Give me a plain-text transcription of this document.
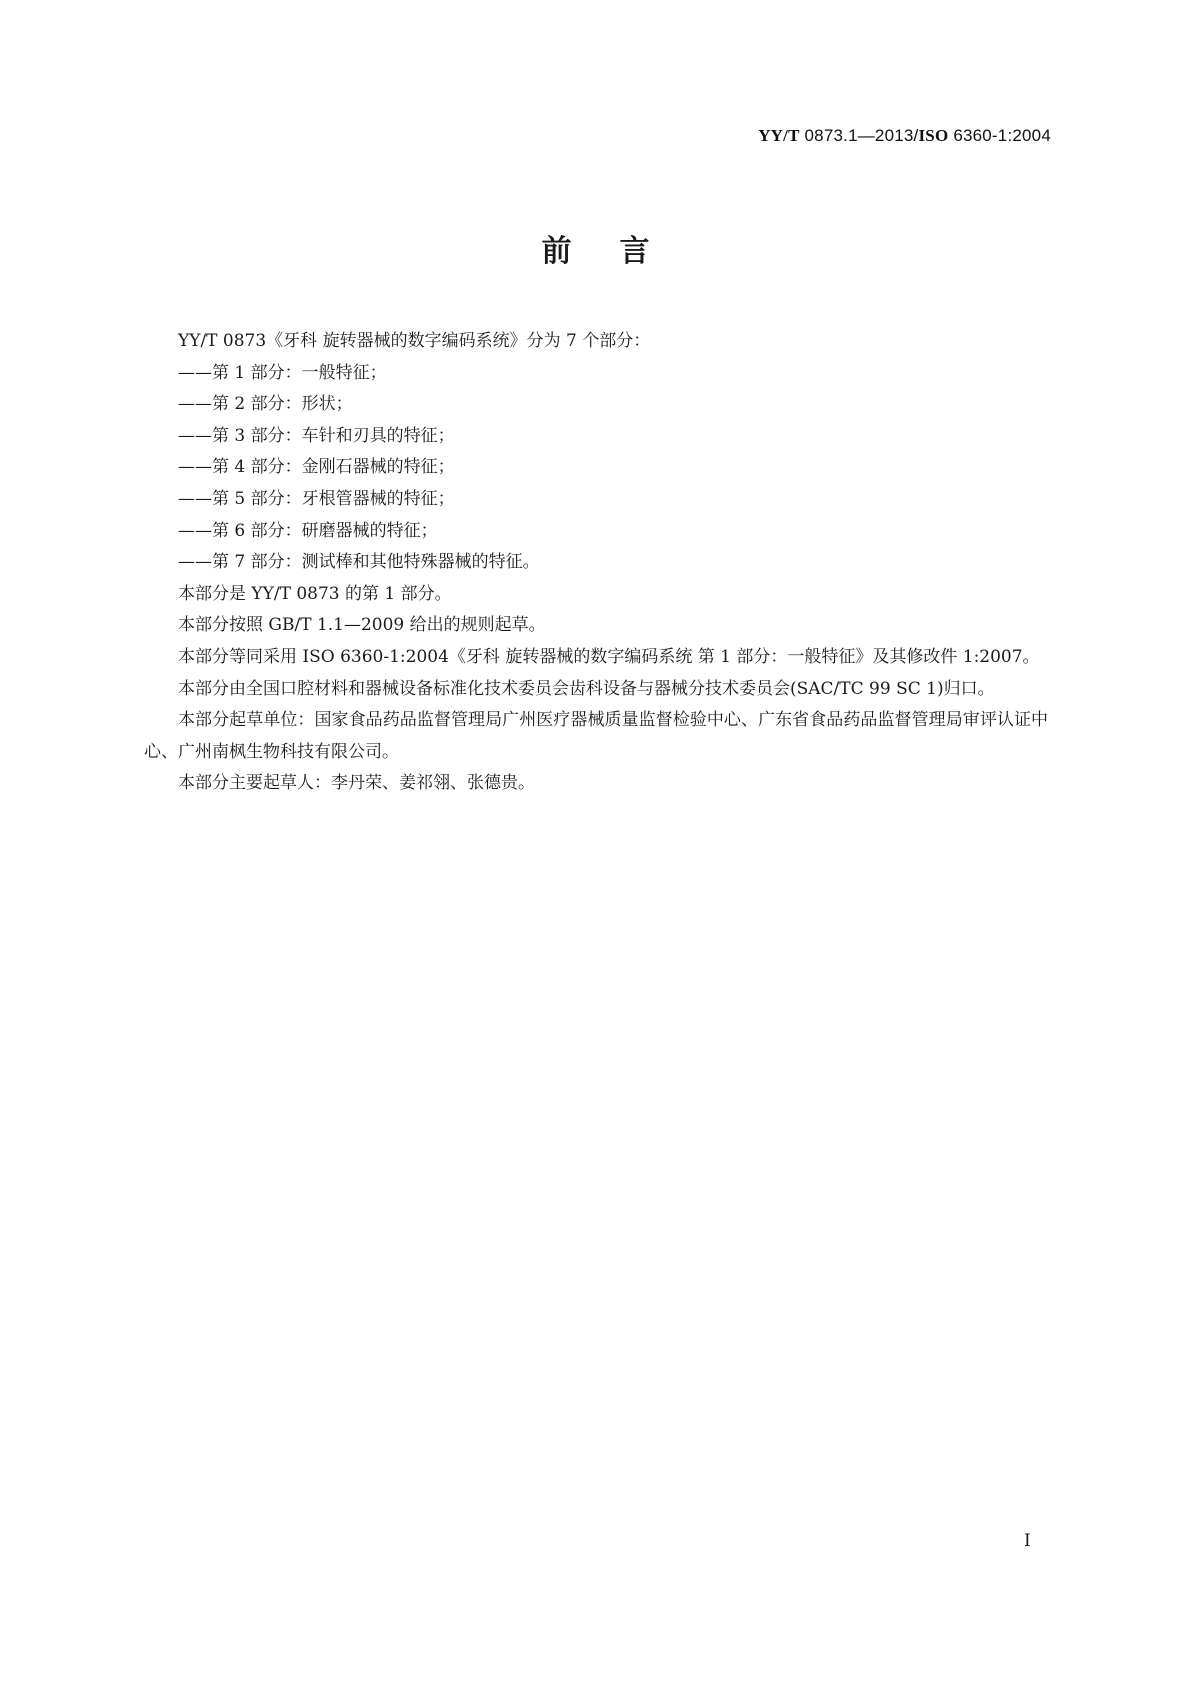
YY/T 0873.1—2013/ISO 6360-1:2004
前言

YY/T 0873《牙科 旋转器械的数字编码系统》分为 7 个部分：

——第 1 部分：一般特征；

——第 2 部分：形状；

——第 3 部分：车针和刃具的特征；

——第 4 部分：金刚石器械的特征；

——第 5 部分：牙根管器械的特征；

——第 6 部分：研磨器械的特征；

——第 7 部分：测试棒和其他特殊器械的特征。

本部分是 YY/T 0873 的第 1 部分。

本部分按照 GB/T 1.1—2009 给出的规则起草。

本部分等同采用 ISO 6360-1:2004《牙科 旋转器械的数字编码系统 第 1 部分：一般特征》及其修改件 1:2007。

本部分由全国口腔材料和器械设备标准化技术委员会齿科设备与器械分技术委员会(SAC/TC 99 SC 1)归口。

本部分起草单位：国家食品药品监督管理局广州医疗器械质量监督检验中心、广东省食品药品监督管理局审评认证中心、广州南枫生物科技有限公司。

本部分主要起草人：李丹荣、姜祁翎、张德贵。

I
